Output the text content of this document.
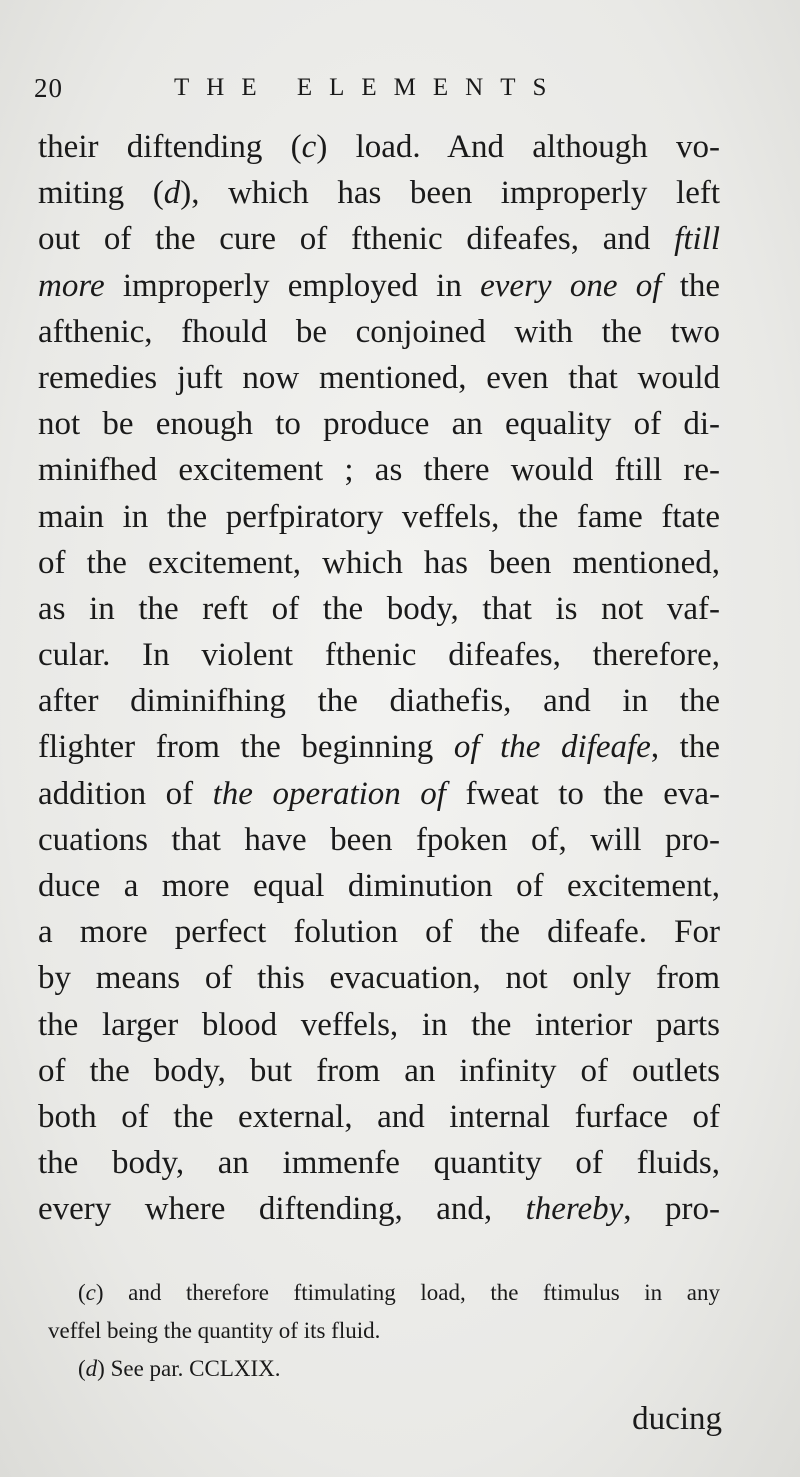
20	THE ELEMENTS
their diftending (c) load. And although vo-
miting (d), which has been improperly left
out of the cure of fthenic difeafes, and ftill
more improperly employed in every one of the
afthenic, fhould be conjoined with the two
remedies juft now mentioned, even that would
not be enough to produce an equality of di-
minifhed excitement ; as there would ftill re-
main in the perfpiratory veffels, the fame ftate
of the excitement, which has been mentioned,
as in the reft of the body, that is not vaf-
cular. In violent fthenic difeafes, therefore,
after diminifhing the diathefis, and in the
flighter from the beginning of the difeafe, the
addition of the operation of fweat to the eva-
cuations that have been fpoken of, will pro-
duce a more equal diminution of excitement,
a more perfect folution of the difeafe. For
by means of this evacuation, not only from
the larger blood veffels, in the interior parts
of the body, but from an infinity of outlets
both of the external, and internal furface of
the body, an immenfe quantity of fluids,
every where diftending, and, thereby, pro-
(c) and therefore ftimulating load, the ftimulus in any
veffel being the quantity of its fluid.
(d) See par. CCLXIX.
ducing
